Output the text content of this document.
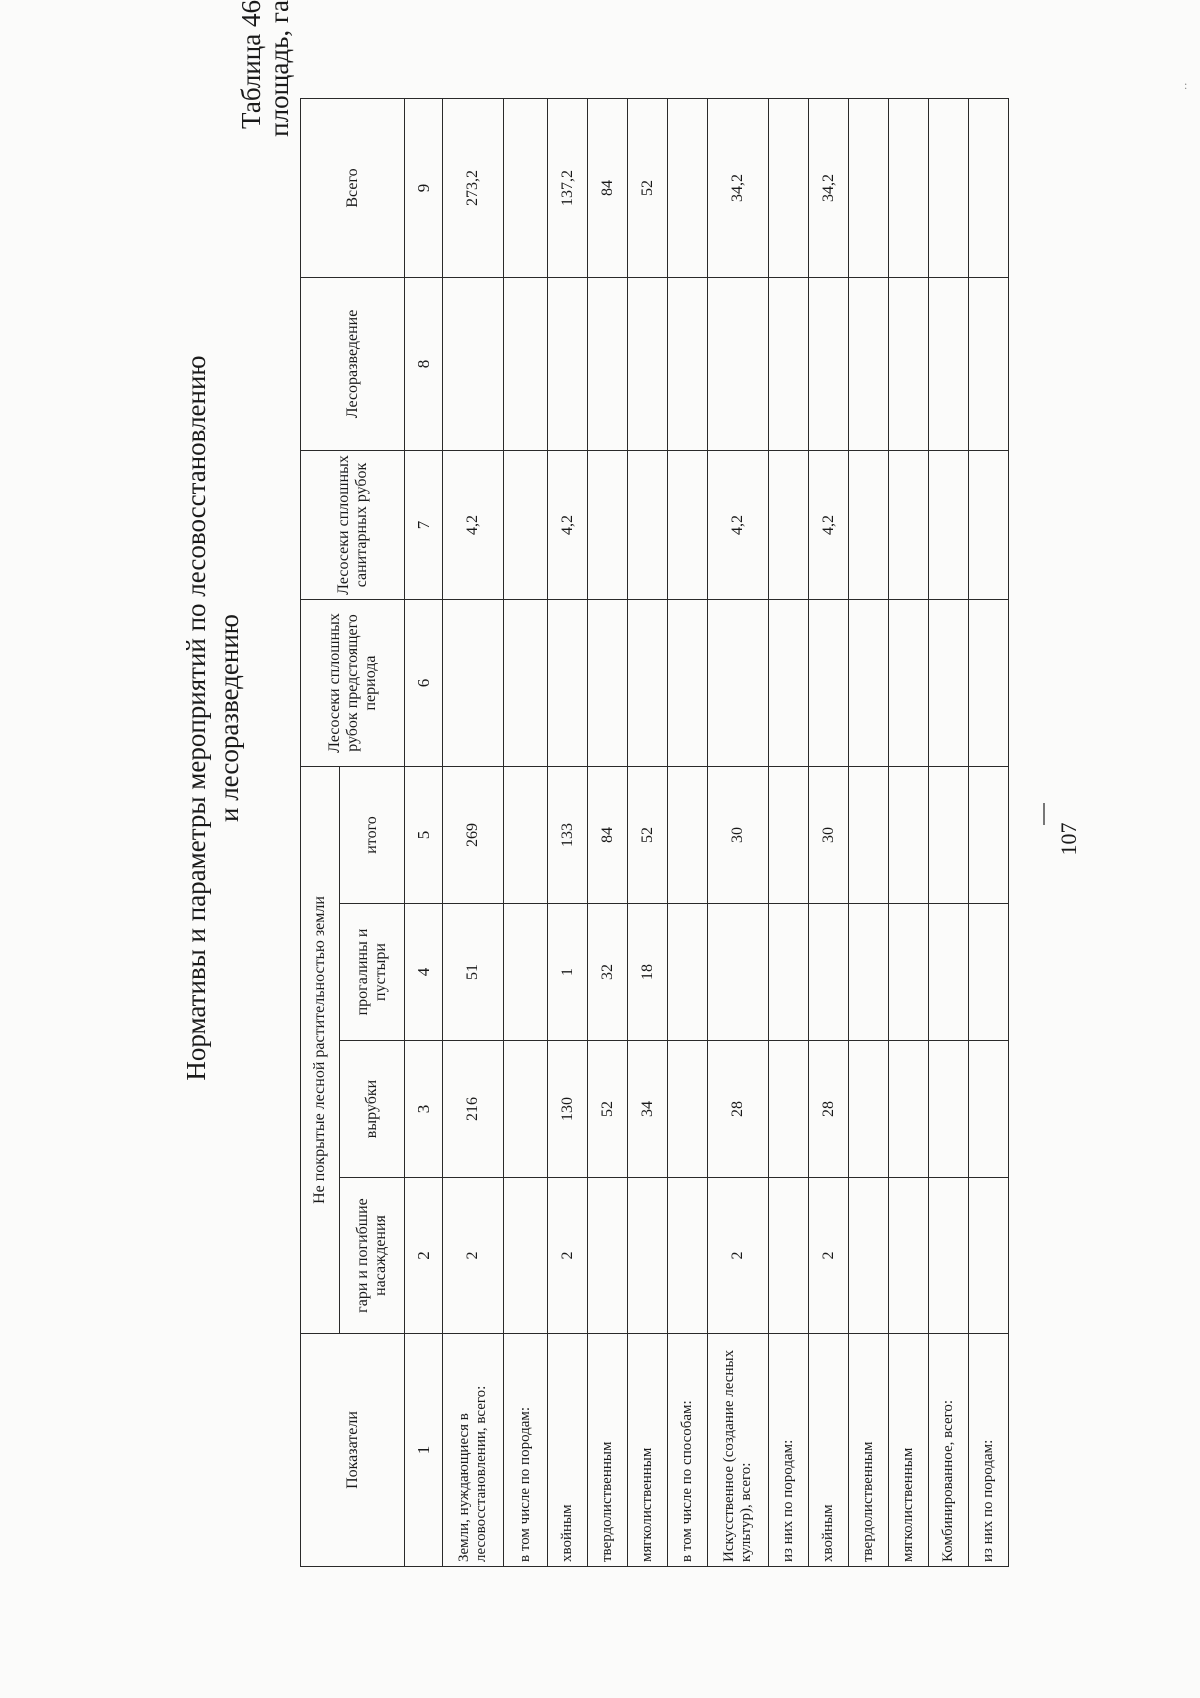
Нормативы и параметры мероприятий по лесовосстановлению и лесоразведению
Таблица 46
площадь, га
Показатели	Не покрытые лесной растительностью земли				Лесосеки сплошных рубок предстоящего периода	Лесосеки сплошных санитарных рубок	Лесоразведение	Всего
	гари и погибшие насаждения	вырубки	прогалины и пустыри	итого				
1	2	3	4	5	6	7	8	9
Земли, нуждающиеся в лесовосстановлении, всего:	2	216	51	269		4,2		273,2
в том числе по породам:								
хвойным	2	130	1	133		4,2		137,2
твердолиственным		52	32	84				84
мягколиственным		34	18	52				52
в том числе по способам:								
Искусственное (создание лесных культур), всего:	2	28		30		4,2		34,2
из них по породам:								
хвойным	2	28		30		4,2		34,2
твердолиственным								
мягколиственным								
Комбинированное, всего:								
из них по породам:								
107
:
